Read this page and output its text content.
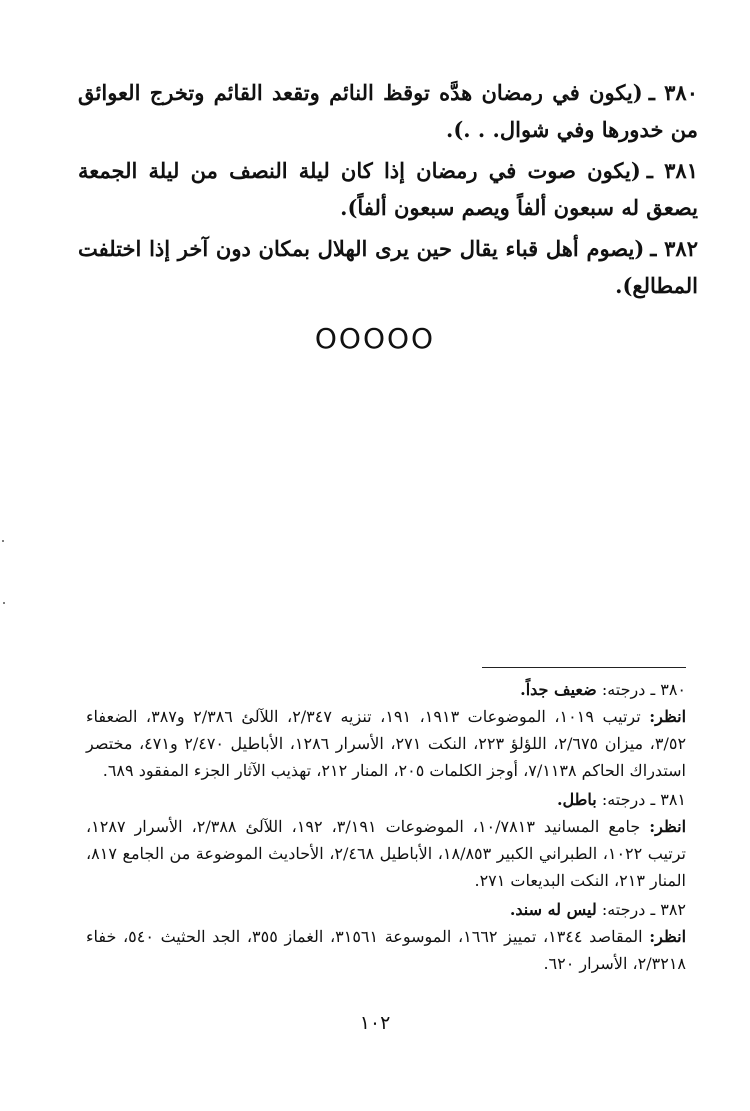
٣٨٠ ـ(يكون في رمضان هدَّه توقظ النائم وتقعد القائم وتخرج العوائق من خدورها وفي شوال. . .).

٣٨١ ـ(يكون صوت في رمضان إذا كان ليلة النصف من ليلة الجمعة يصعق له سبعون ألفاً ويصم سبعون ألفاً).

٣٨٢ ـ(يصوم أهل قباء يقال حين يرى الهلال بمكان دون آخر إذا اختلفت المطالع).

OOOOO

٣٨٠ ـ درجته: ضعيف جداً.

انظر: ترتيب ١٠١٩، الموضوعات ١٩١٣، ١٩١، تنزيه ٢/٣٤٧، اللآلئ ٢/٣٨٦ و٣٨٧، الضعفاء ٣/٥٢، ميزان ٢/٦٧٥، اللؤلؤ ٢٢٣، النكت ٢٧١، الأسرار ١٢٨٦، الأباطيل ٢/٤٧٠ و٤٧١، مختصر استدراك الحاكم ٧/١١٣٨، أوجز الكلمات ٢٠٥، المنار ٢١٢، تهذيب الآثار الجزء المفقود ٦٨٩.

٣٨١ ـ درجته: باطل.

انظر: جامع المسانيد ١٠/٧٨١٣، الموضوعات ٣/١٩١، ١٩٢، اللآلئ ٢/٣٨٨، الأسرار ١٢٨٧، ترتيب ١٠٢٢، الطبراني الكبير ١٨/٨٥٣، الأباطيل ٢/٤٦٨، الأحاديث الموضوعة من الجامع ٨١٧، المنار ٢١٣، النكت البديعات ٢٧١.

٣٨٢ ـ درجته: ليس له سند.

انظر: المقاصد ١٣٤٤، تمييز ١٦٦٢، الموسوعة ٣١٥٦١، الغماز ٣٥٥، الجد الحثيث ٥٤٠، خفاء ٢/٣٢١٨، الأسرار ٦٢٠.

١٠٢
